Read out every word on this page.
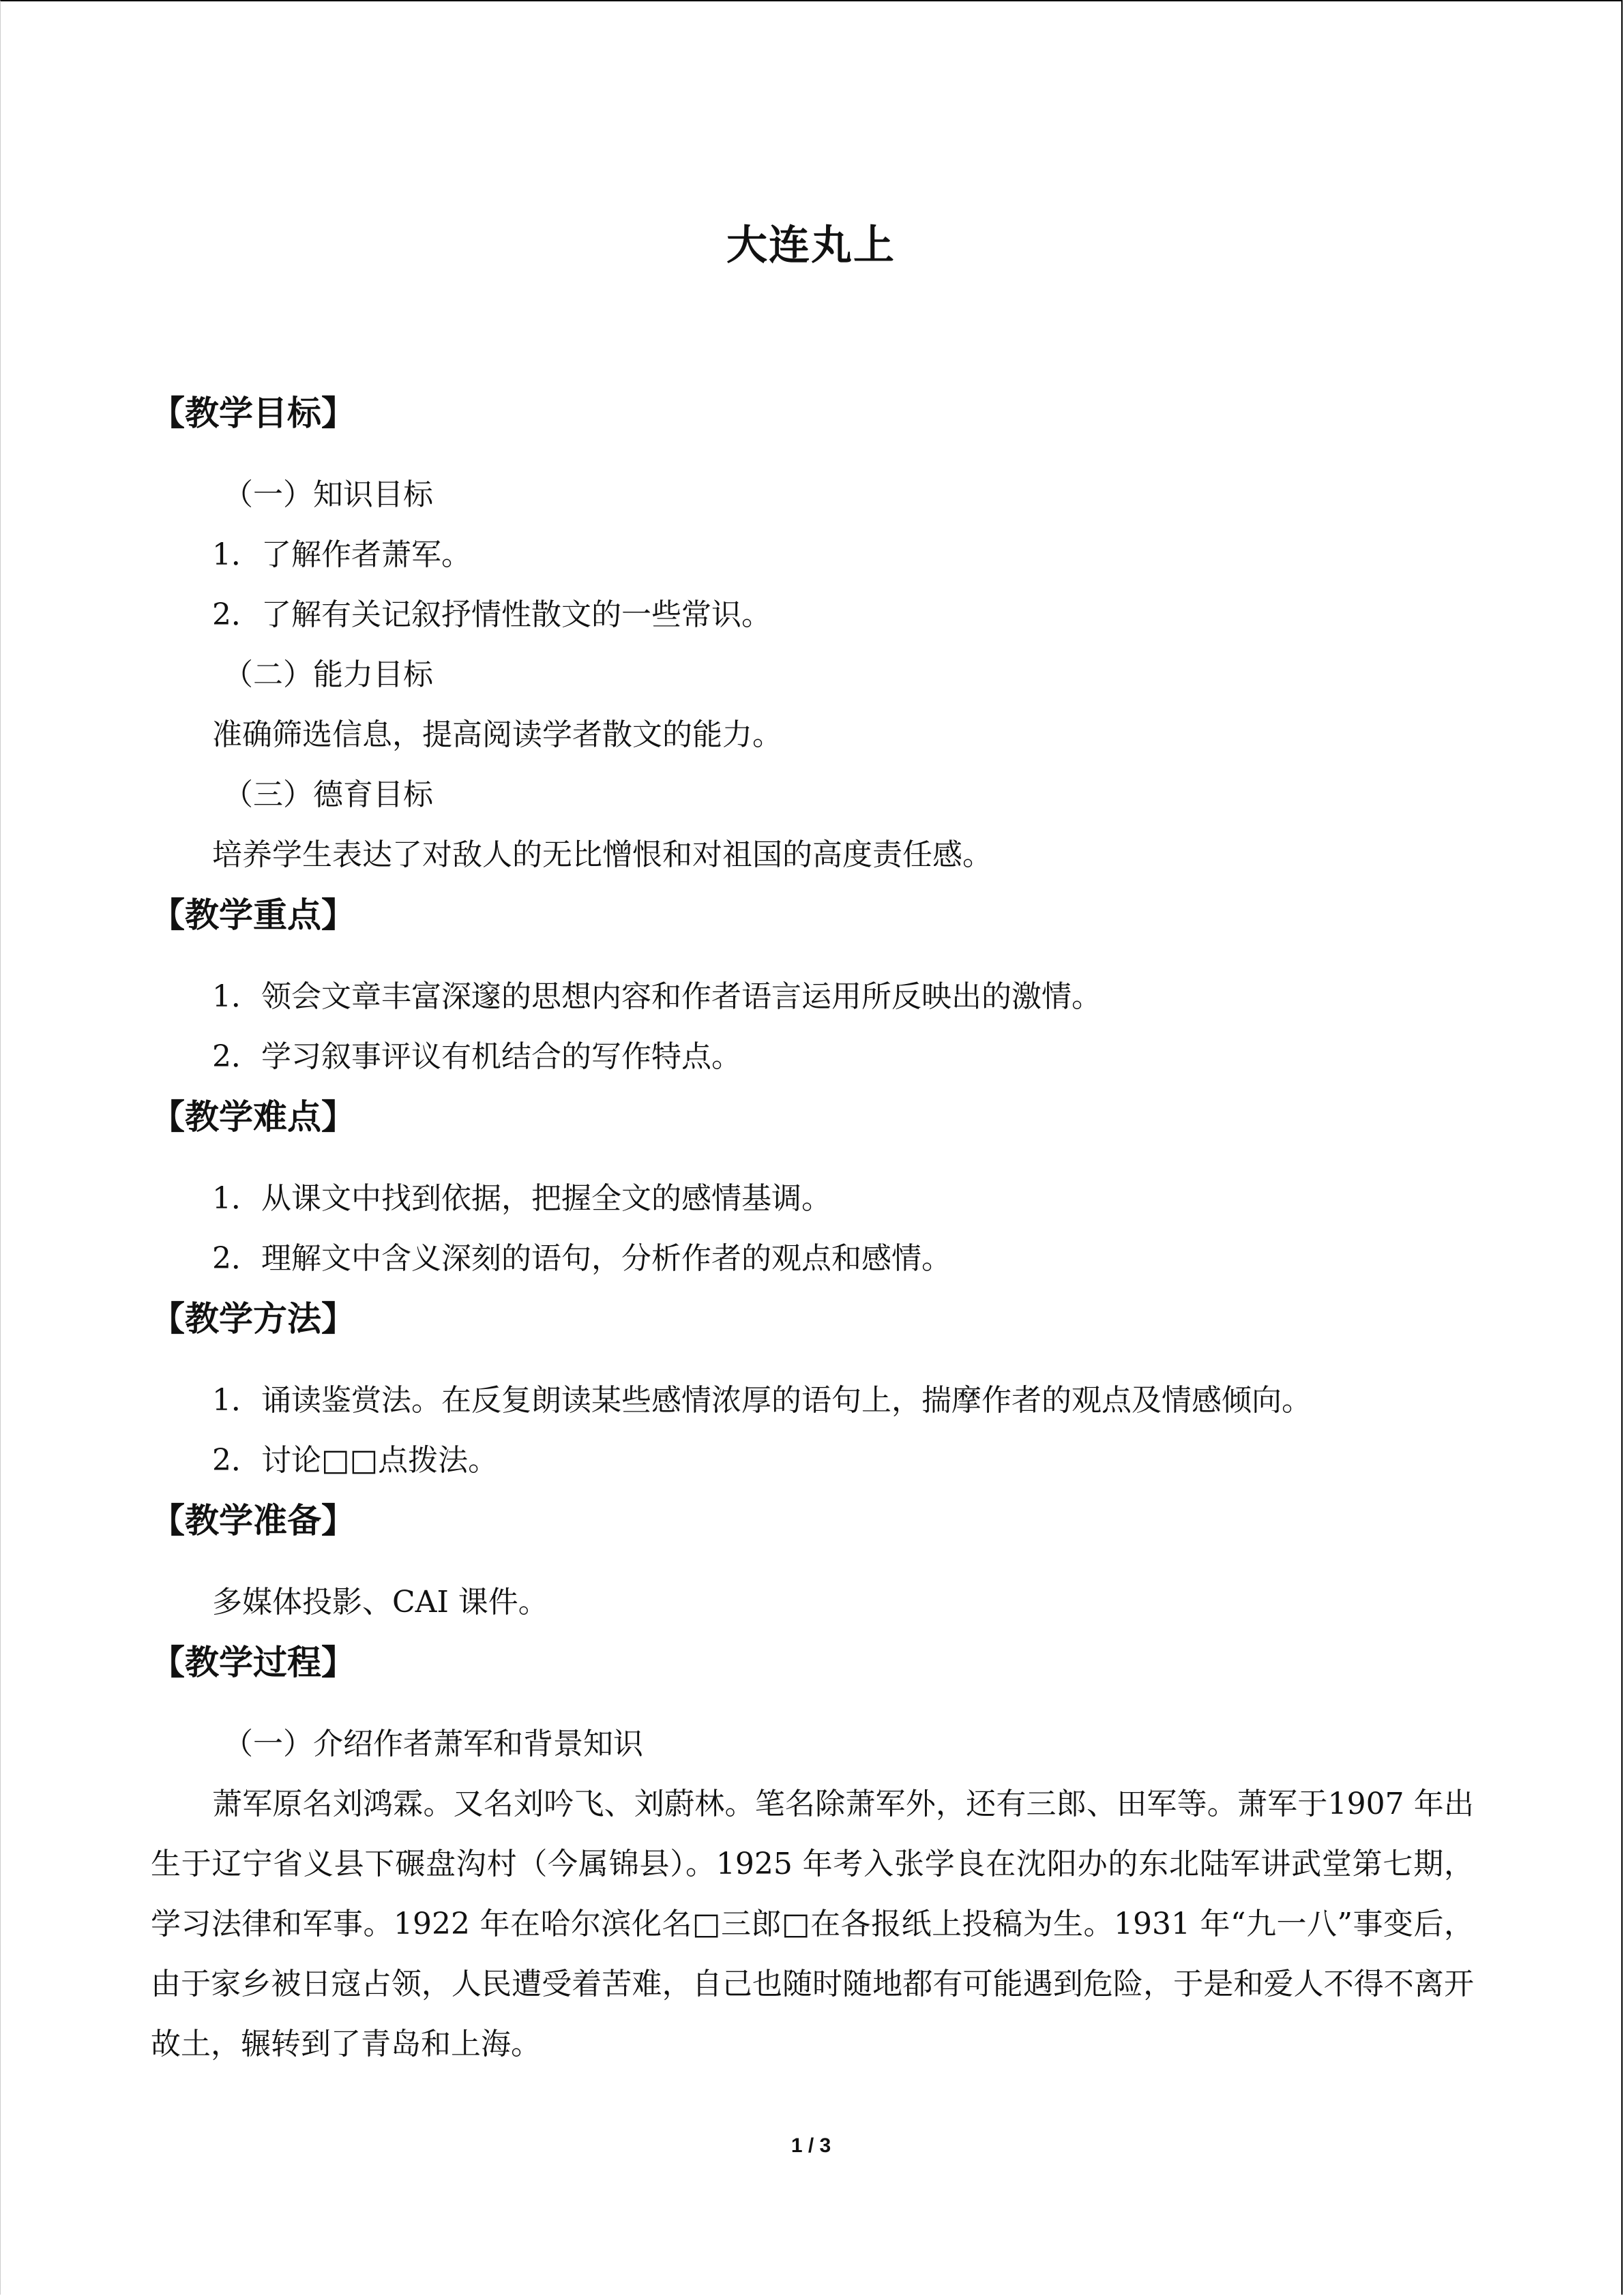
大连丸上
【教学目标】

（一）知识目标

1．了解作者萧军。

2．了解有关记叙抒情性散文的一些常识。

（二）能力目标

准确筛选信息，提高阅读学者散文的能力。

（三）德育目标

培养学生表达了对敌人的无比憎恨和对祖国的高度责任感。

【教学重点】

1．领会文章丰富深邃的思想内容和作者语言运用所反映出的激情。

2．学习叙事评议有机结合的写作特点。

【教学难点】

1．从课文中找到依据，把握全文的感情基调。

2．理解文中含义深刻的语句，分析作者的观点和感情。

【教学方法】

1．诵读鉴赏法。在反复朗读某些感情浓厚的语句上，揣摩作者的观点及情感倾向。

2．讨论□□点拨法。

【教学准备】

多媒体投影、CAI 课件。

【教学过程】

（一）介绍作者萧军和背景知识

萧军原名刘鸿霖。又名刘吟飞、刘蔚林。笔名除萧军外，还有三郎、田军等。萧军于1907 年出生于辽宁省义县下碾盘沟村（今属锦县）。1925 年考入张学良在沈阳办的东北陆军讲武堂第七期，学习法律和军事。1922 年在哈尔滨化名□三郎□在各报纸上投稿为生。1931 年“九一八”事变后，由于家乡被日寇占领，人民遭受着苦难，自己也随时随地都有可能遇到危险，于是和爱人不得不离开故土，辗转到了青岛和上海。

1 / 3
